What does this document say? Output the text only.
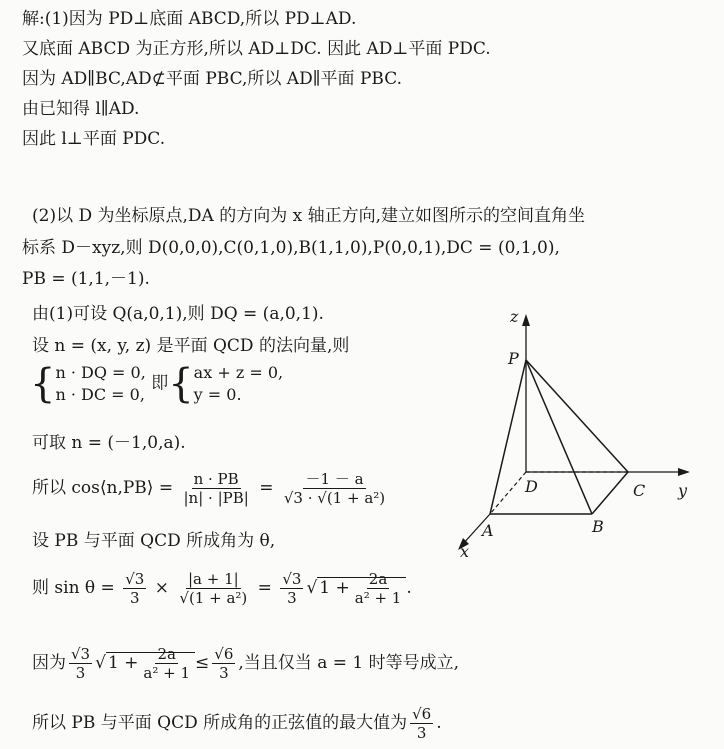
解:(1)因为 PD⊥底面 ABCD,所以 PD⊥AD.
又底面 ABCD 为正方形,所以 AD⊥DC. 因此 AD⊥平面 PDC.
因为 AD∥BC,AD⊄平面 PBC,所以 AD∥平面 PBC.
由已知得 l∥AD.
因此 l⊥平面 PDC.
(2)以 D 为坐标原点,DA 的方向为 x 轴正方向,建立如图所示的空间直角坐
标系 D－xyz,则 D(0,0,0),C(0,1,0),B(1,1,0),P(0,0,1),DC = (0,1,0),
PB = (1,1,－1).
由(1)可设 Q(a,0,1),则 DQ = (a,0,1).
设 n = (x, y, z) 是平面 QCD 的法向量,则
{ n · DQ = 0,
n · DC = 0,
即{ ax + z = 0,
y = 0.
可取 n = (－1,0,a).
所以 cos⟨n,PB⟩ = $\frac{n \cdot PB}{|n| \cdot |PB|} = \frac{-1 - a}{\text{√3 · √(1 + a²)}}$
设 PB 与平面 QCD 所成角为 θ,
则 $\sin \theta = \frac{√3}{3} \times \frac{|a + 1|}{\text{√(1 + a²)}} = \frac{√3}{3}$ √ $1 + \frac{2a}{\text{a² + 1}}$ .
因为 $\frac{√3}{3}$ √ $1 + \frac{2a}{\text{a² + 1}} \le \frac{√6}{3}$ ,当且仅当 a = 1 时等号成立,
所以 PB 与平面 QCD 所成角的正弦值的最大值为 $\frac{√6}{3}$ .
z
P
D	C y
A	B
x
